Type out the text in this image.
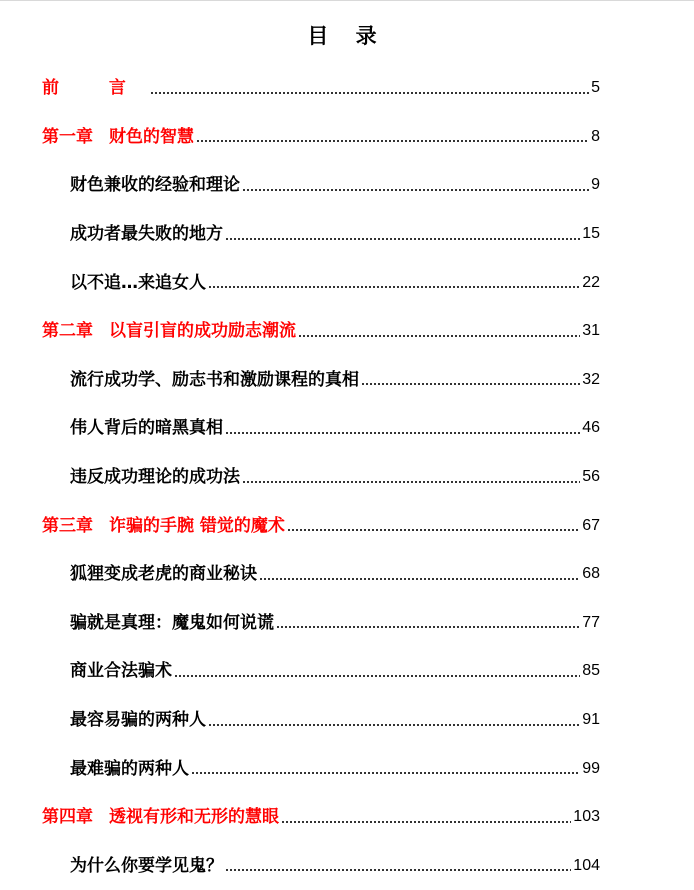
目 录
前 言	5
第一章 财色的智慧	8
财色兼收的经验和理论	9
成功者最失败的地方	15
以不追…来追女人	22
第二章 以盲引盲的成功励志潮流	31
流行成功学、励志书和激励课程的真相	32
伟人背后的暗黑真相	46
违反成功理论的成功法	56
第三章 诈骗的手腕 错觉的魔术	67
狐狸变成老虎的商业秘诀	68
骗就是真理：魔鬼如何说谎	77
商业合法骗术	85
最容易骗的两种人	91
最难骗的两种人	99
第四章 透视有形和无形的慧眼	103
为什么你要学见鬼？	104
